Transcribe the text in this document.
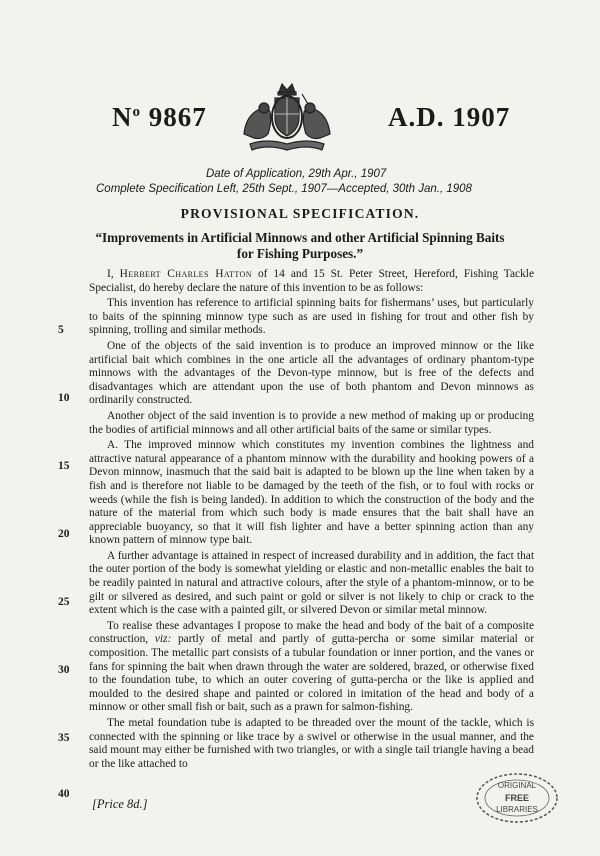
$N^o$ 9867	A.D. 1907

Date of Application, 29th Apr., 1907

Complete Specification Left, 25th Sept., 1907—Accepted, 30th Jan., 1908

PROVISIONAL SPECIFICATION.
“Improvements in Artificial Minnows and other Artificial Spinning Baits for Fishing Purposes.”

I, Herbert Charles Hatton of 14 and 15 St. Peter Street, Hereford, Fishing Tackle Specialist, do hereby declare the nature of this invention to be as follows:

This invention has reference to artificial spinning baits for fishermans’ uses, but particularly to baits of the spinning minnow type such as are used in fishing for trout and other fish by spinning, trolling and similar methods.

One of the objects of the said invention is to produce an improved minnow or the like artificial bait which combines in the one article all the advantages of ordinary phantom-type minnows with the advantages of the Devon-type minnow, but is free of the defects and disadvantages which are attendant upon the use of both phantom and Devon minnows as ordinarily constructed.

Another object of the said invention is to provide a new method of making up or producing the bodies of artificial minnows and all other artificial baits of the same or similar types.

A. The improved minnow which constitutes my invention combines the lightness and attractive natural appearance of a phantom minnow with the durability and hooking powers of a Devon minnow, inasmuch that the said bait is adapted to be blown up the line when taken by a fish and is therefore not liable to be damaged by the teeth of the fish, or to foul with rocks or weeds (while the fish is being landed). In addition to which the construction of the body and the nature of the material from which such body is made ensures that the bait shall have an appreciable buoyancy, so that it will fish lighter and have a better spinning action than any known pattern of minnow type bait.

A further advantage is attained in respect of increased durability and in addition, the fact that the outer portion of the body is somewhat yielding or elastic and non-metallic enables the bait to be readily painted in natural and attractive colours, after the style of a phantom-minnow, or to be gilt or silvered as desired, and such paint or gold or silver is not likely to chip or crack to the extent which is the case with a painted gilt, or silvered Devon or similar metal minnow.

To realise these advantages I propose to make the head and body of the bait of a composite construction, viz: partly of metal and partly of gutta-percha or some similar material or composition. The metallic part consists of a tubular foundation or inner portion, and the vanes or fans for spinning the bait when drawn through the water are soldered, brazed, or otherwise fixed to the foundation tube, to which an outer covering of gutta-percha or the like is applied and moulded to the desired shape and painted or colored in imitation of the head and body of a minnow or other small fish or bait, such as a prawn for salmon-fishing.

The metal foundation tube is adapted to be threaded over the mount of the tackle, which is connected with the spinning or like trace by a swivel or otherwise in the usual manner, and the said mount may either be furnished with two triangles, or with a single tail triangle having a bead or the like attached to

5
10
15
20
25
30
35
40

[Price 8d.]

ORIGINAL
FREE
LIBRARIES
